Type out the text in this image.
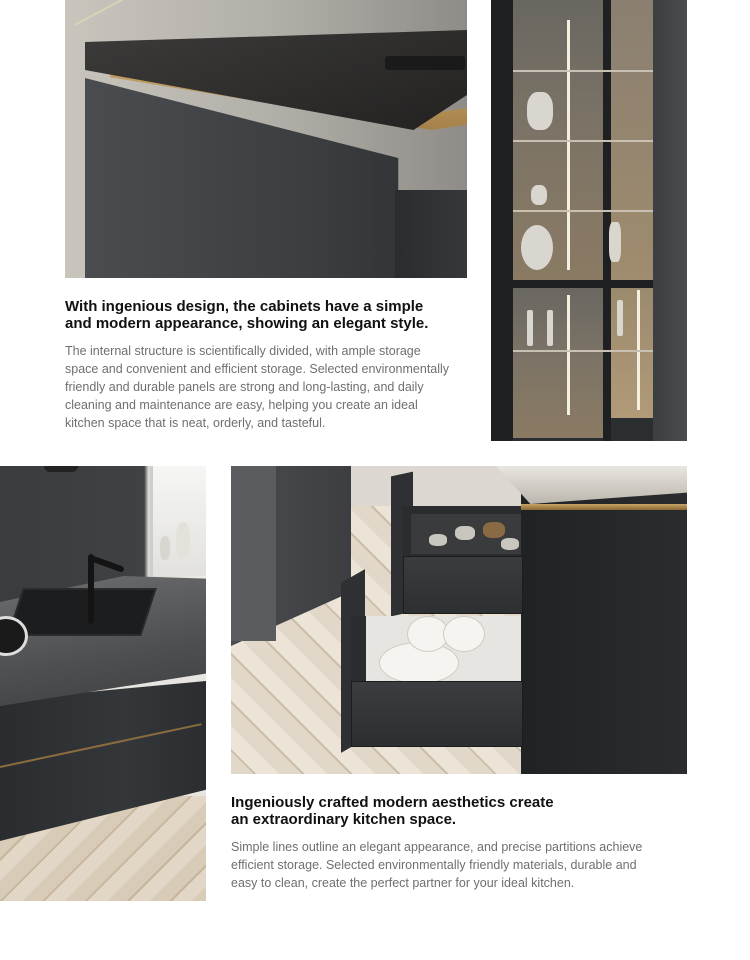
With ingenious design, the cabinets have a simple
and modern appearance, showing an elegant style.

The internal structure is scientifically divided, with ample storage
space and convenient and efficient storage. Selected environmentally
friendly and durable panels are strong and long-lasting, and daily
cleaning and maintenance are easy, helping you create an ideal
kitchen space that is neat, orderly, and tasteful.

Ingeniously crafted modern aesthetics create
an extraordinary kitchen space.

Simple lines outline an elegant appearance, and precise partitions achieve
efficient storage. Selected environmentally friendly materials, durable and
easy to clean, create the perfect partner for your ideal kitchen.
